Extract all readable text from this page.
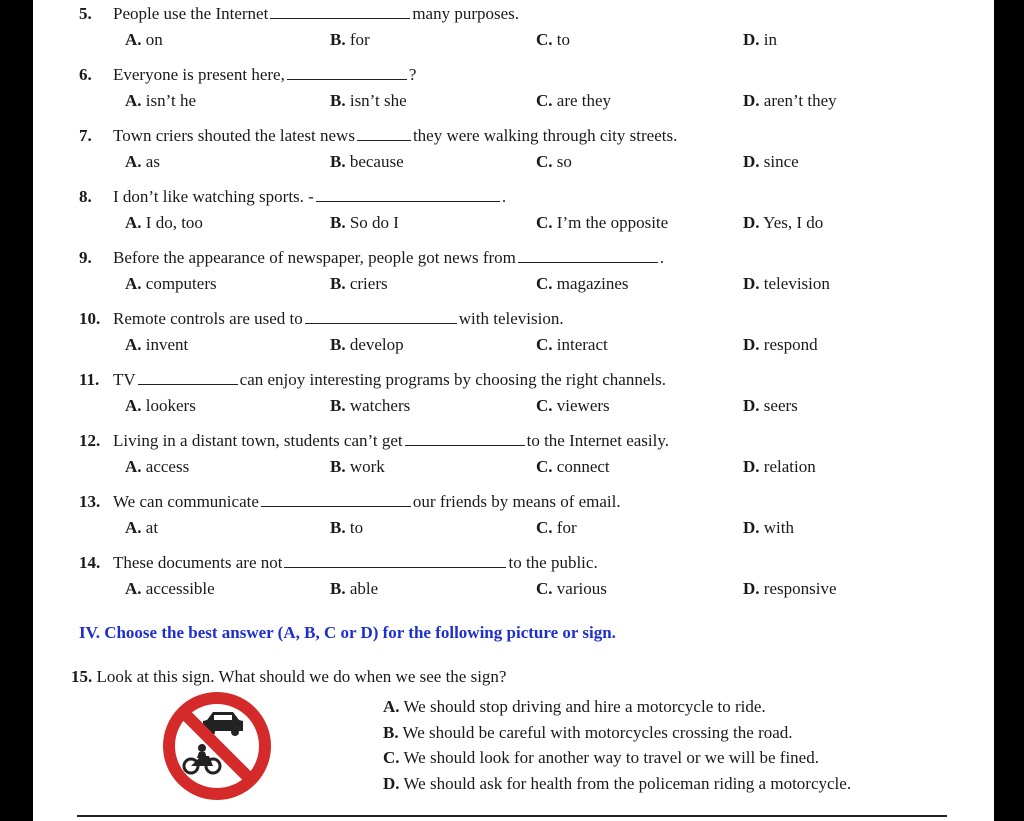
5. People use the Internet	many purposes.
A. on	B. for	C. to	D. in
6. Everyone is present here,	?
A. isn’t he	B. isn’t she	C. are they	D. aren’t they
7. Town criers shouted the latest news	they were walking through city streets.
A. as	B. because	C. so	D. since
8. I don’t like watching sports. -	.
A. I do, too	B. So do I	C. I’m the opposite	D. Yes, I do
9. Before the appearance of newspaper, people got news from	.
A. computers	B. criers	C. magazines	D. television
10. Remote controls are used to	with television.
A. invent	B. develop	C. interact	D. respond
11. TV	can enjoy interesting programs by choosing the right channels.
A. lookers	B. watchers	C. viewers	D. seers
12. Living in a distant town, students can’t get	to the Internet easily.
A. access	B. work	C. connect	D. relation
13. We can communicate	our friends by means of email.
A. at	B. to	C. for	D. with
14. These documents are not	to the public.
A. accessible	B. able	C. various	D. responsive
IV. Choose the best answer (A, B, C or D) for the following picture or sign.
15. Look at this sign. What should we do when we see the sign?
A. We should stop driving and hire a motorcycle to ride.
B. We should be careful with motorcycles crossing the road.
C. We should look for another way to travel or we will be fined.
D. We should ask for health from the policeman riding a motorcycle.
